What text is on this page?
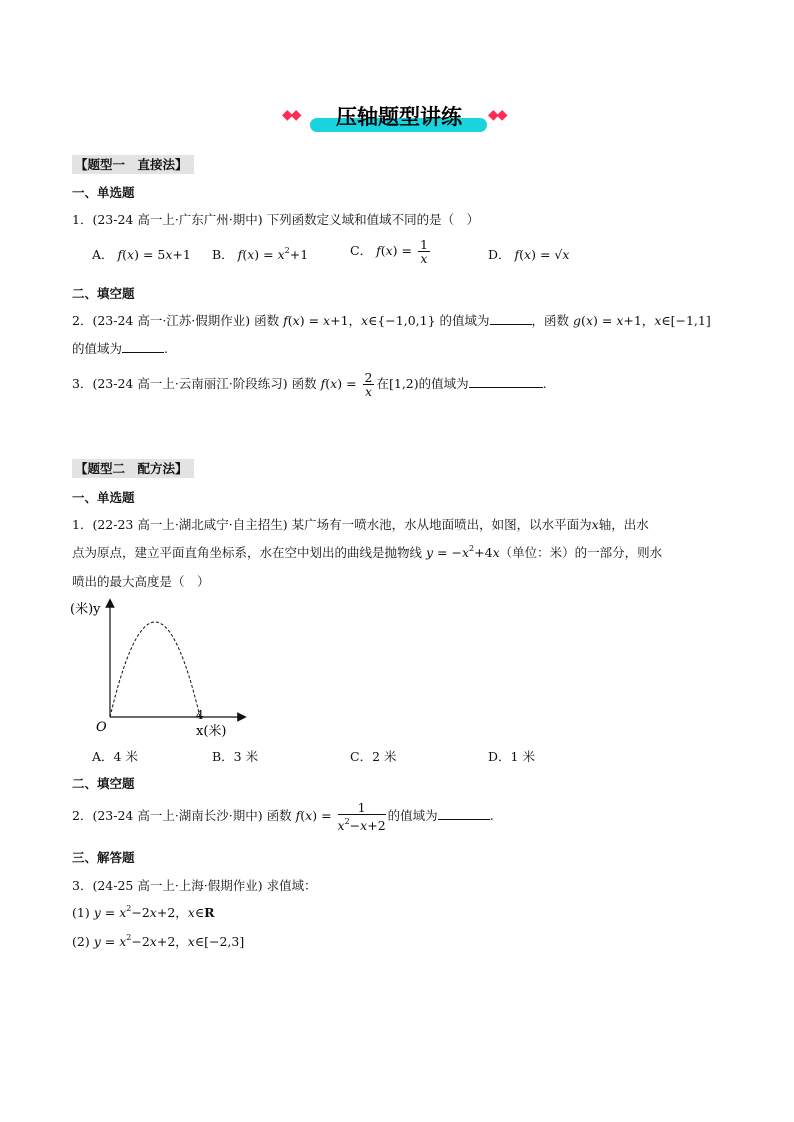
◆◆	压轴题型讲练	◆◆
【题型一　直接法】
一、单选题
1．(23-24 高一上·广东广州·期中) 下列函数定义域和值域不同的是（　）
A． f(x) = 5x+1 B． $f(x) = x^2+1$	C． $f(x) = \frac{1}{x}$	D． f(x) = √x
二、填空题
2．(23-24 高一·江苏·假期作业) 函数 f(x) = x+1，x∈{−1,0,1} 的值域为	，函数 g(x) = x+1，x∈[−1,1]
的值域为	.
3．(23-24 高一上·云南丽江·阶段练习) 函数 $f(x) = \frac{2}{x}$ 在[1,2)的值域为	.
【题型二　配方法】
一、单选题
1．(22-23 高一上·湖北咸宁·自主招生) 某广场有一喷水池，水从地面喷出，如图，以水平面为x轴，出水
点为原点，建立平面直角坐标系，水在空中划出的曲线是抛物线 $y = -x^2+4x$（单位：米）的一部分，则水
喷出的最大高度是（　）
(米)y
O
4
x(米)
A．4 米	B．3 米	C．2 米	D．1 米
二、填空题
2．(23-24 高一上·湖南长沙·期中) 函数 $f(x) = \frac{1}{x^2-x+2}$ 的值域为	.
三、解答题
3．(24-25 高一上·上海·假期作业) 求值域：
(1) $y = x^2-2x+2$，x∈R
(2) $y = x^2-2x+2$，x∈[−2,3]
